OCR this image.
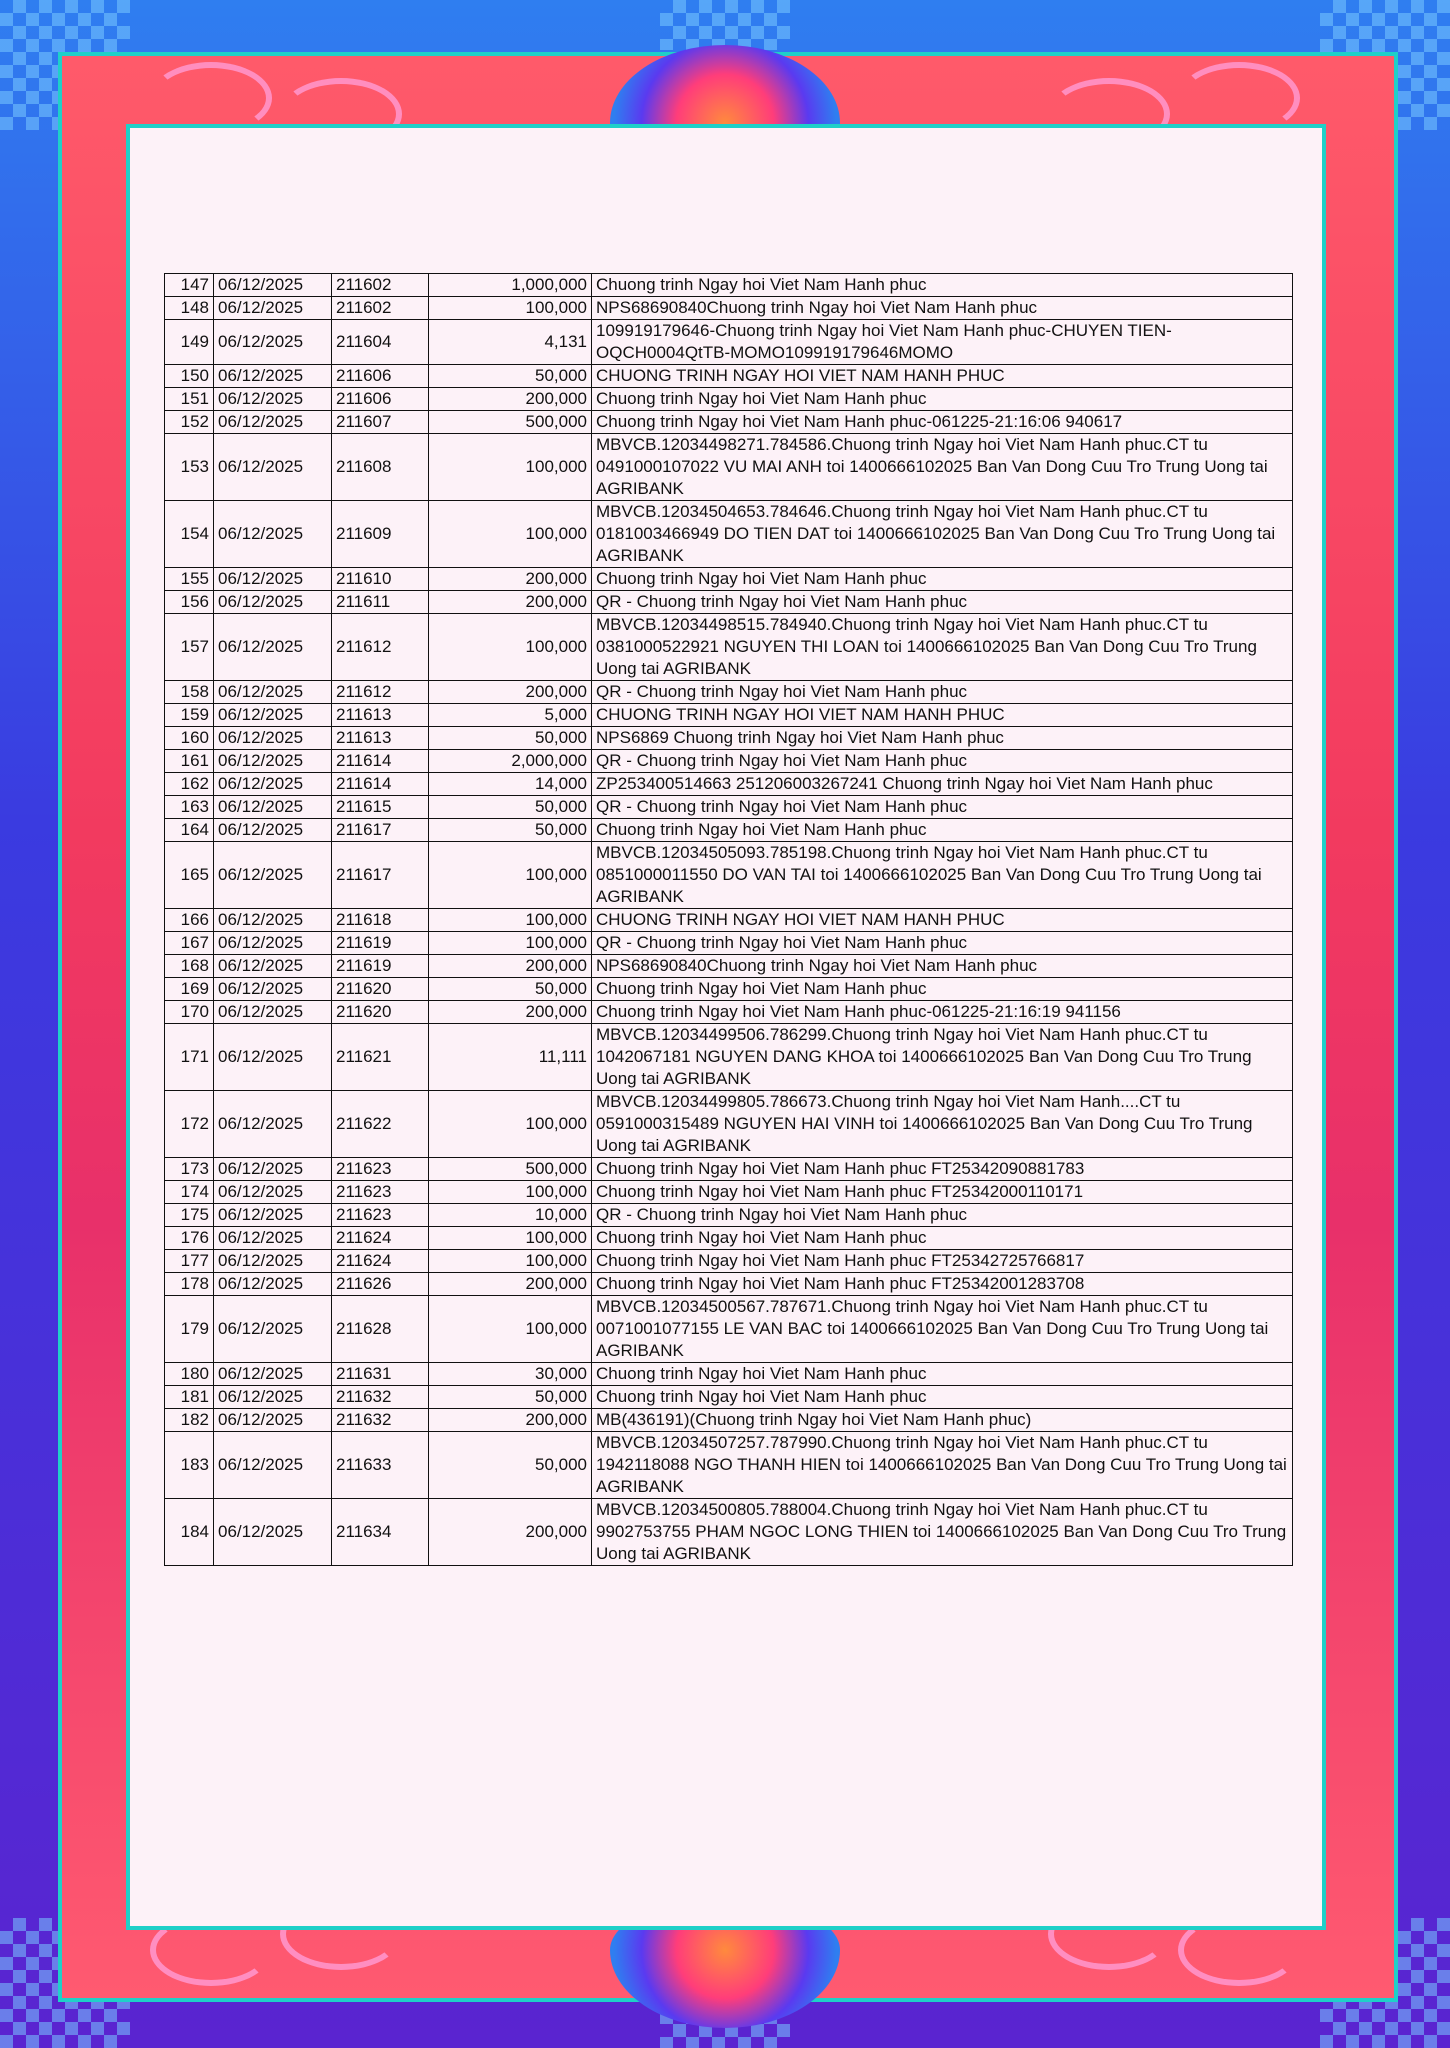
147	06/12/2025	211602	1,000,000	Chuong trinh Ngay hoi Viet Nam Hanh phuc
148	06/12/2025	211602	100,000	NPS68690840Chuong trinh Ngay hoi Viet Nam Hanh phuc
149	06/12/2025	211604	4,131	109919179646-Chuong trinh Ngay hoi Viet Nam Hanh phuc-CHUYEN TIEN-OQCH0004QtTB-MOMO109919179646MOMO
150	06/12/2025	211606	50,000	CHUONG TRINH NGAY HOI VIET NAM HANH PHUC
151	06/12/2025	211606	200,000	Chuong trinh Ngay hoi Viet Nam Hanh phuc
152	06/12/2025	211607	500,000	Chuong trinh Ngay hoi Viet Nam Hanh phuc-061225-21:16:06 940617
153	06/12/2025	211608	100,000	MBVCB.12034498271.784586.Chuong trinh Ngay hoi Viet Nam Hanh phuc.CT tu 0491000107022 VU MAI ANH toi 1400666102025 Ban Van Dong Cuu Tro Trung Uong tai AGRIBANK
154	06/12/2025	211609	100,000	MBVCB.12034504653.784646.Chuong trinh Ngay hoi Viet Nam Hanh phuc.CT tu 0181003466949 DO TIEN DAT toi 1400666102025 Ban Van Dong Cuu Tro Trung Uong tai AGRIBANK
155	06/12/2025	211610	200,000	Chuong trinh Ngay hoi Viet Nam Hanh phuc
156	06/12/2025	211611	200,000	QR - Chuong trinh Ngay hoi Viet Nam Hanh phuc
157	06/12/2025	211612	100,000	MBVCB.12034498515.784940.Chuong trinh Ngay hoi Viet Nam Hanh phuc.CT tu 0381000522921 NGUYEN THI LOAN toi 1400666102025 Ban Van Dong Cuu Tro Trung Uong tai AGRIBANK
158	06/12/2025	211612	200,000	QR - Chuong trinh Ngay hoi Viet Nam Hanh phuc
159	06/12/2025	211613	5,000	CHUONG TRINH NGAY HOI VIET NAM HANH PHUC
160	06/12/2025	211613	50,000	NPS6869 Chuong trinh Ngay hoi Viet Nam Hanh phuc
161	06/12/2025	211614	2,000,000	QR - Chuong trinh Ngay hoi Viet Nam Hanh phuc
162	06/12/2025	211614	14,000	ZP253400514663 251206003267241 Chuong trinh Ngay hoi Viet Nam Hanh phuc
163	06/12/2025	211615	50,000	QR - Chuong trinh Ngay hoi Viet Nam Hanh phuc
164	06/12/2025	211617	50,000	Chuong trinh Ngay hoi Viet Nam Hanh phuc
165	06/12/2025	211617	100,000	MBVCB.12034505093.785198.Chuong trinh Ngay hoi Viet Nam Hanh phuc.CT tu 0851000011550 DO VAN TAI toi 1400666102025 Ban Van Dong Cuu Tro Trung Uong tai AGRIBANK
166	06/12/2025	211618	100,000	CHUONG TRINH NGAY HOI VIET NAM HANH PHUC
167	06/12/2025	211619	100,000	QR - Chuong trinh Ngay hoi Viet Nam Hanh phuc
168	06/12/2025	211619	200,000	NPS68690840Chuong trinh Ngay hoi Viet Nam Hanh phuc
169	06/12/2025	211620	50,000	Chuong trinh Ngay hoi Viet Nam Hanh phuc
170	06/12/2025	211620	200,000	Chuong trinh Ngay hoi Viet Nam Hanh phuc-061225-21:16:19 941156
171	06/12/2025	211621	11,111	MBVCB.12034499506.786299.Chuong trinh Ngay hoi Viet Nam Hanh phuc.CT tu 1042067181 NGUYEN DANG KHOA toi 1400666102025 Ban Van Dong Cuu Tro Trung Uong tai AGRIBANK
172	06/12/2025	211622	100,000	MBVCB.12034499805.786673.Chuong trinh Ngay hoi Viet Nam Hanh....CT tu 0591000315489 NGUYEN HAI VINH toi 1400666102025 Ban Van Dong Cuu Tro Trung Uong tai AGRIBANK
173	06/12/2025	211623	500,000	Chuong trinh Ngay hoi Viet Nam Hanh phuc FT25342090881783
174	06/12/2025	211623	100,000	Chuong trinh Ngay hoi Viet Nam Hanh phuc FT25342000110171
175	06/12/2025	211623	10,000	QR - Chuong trinh Ngay hoi Viet Nam Hanh phuc
176	06/12/2025	211624	100,000	Chuong trinh Ngay hoi Viet Nam Hanh phuc
177	06/12/2025	211624	100,000	Chuong trinh Ngay hoi Viet Nam Hanh phuc FT25342725766817
178	06/12/2025	211626	200,000	Chuong trinh Ngay hoi Viet Nam Hanh phuc FT25342001283708
179	06/12/2025	211628	100,000	MBVCB.12034500567.787671.Chuong trinh Ngay hoi Viet Nam Hanh phuc.CT tu 0071001077155 LE VAN BAC toi 1400666102025 Ban Van Dong Cuu Tro Trung Uong tai AGRIBANK
180	06/12/2025	211631	30,000	Chuong trinh Ngay hoi Viet Nam Hanh phuc
181	06/12/2025	211632	50,000	Chuong trinh Ngay hoi Viet Nam Hanh phuc
182	06/12/2025	211632	200,000	MB(436191)(Chuong trinh Ngay hoi Viet Nam Hanh phuc)
183	06/12/2025	211633	50,000	MBVCB.12034507257.787990.Chuong trinh Ngay hoi Viet Nam Hanh phuc.CT tu 1942118088 NGO THANH HIEN toi 1400666102025 Ban Van Dong Cuu Tro Trung Uong tai AGRIBANK
184	06/12/2025	211634	200,000	MBVCB.12034500805.788004.Chuong trinh Ngay hoi Viet Nam Hanh phuc.CT tu 9902753755 PHAM NGOC LONG THIEN toi 1400666102025 Ban Van Dong Cuu Tro Trung Uong tai AGRIBANK
